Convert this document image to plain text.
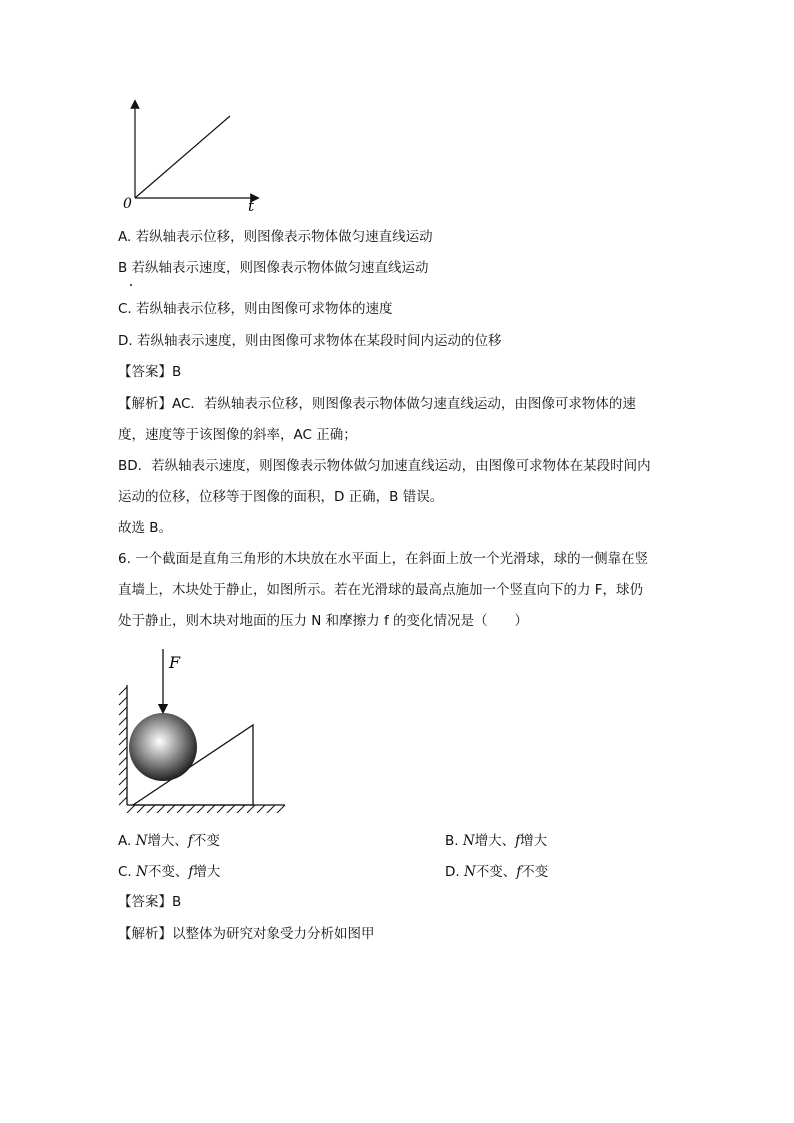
0	t
A. 若纵轴表示位移，则图像表示物体做匀速直线运动
B 若纵轴表示速度，则图像表示物体做匀速直线运动
C. 若纵轴表示位移，则由图像可求物体的速度
D. 若纵轴表示速度，则由图像可求物体在某段时间内运动的位移
【答案】B
【解析】AC．若纵轴表示位移，则图像表示物体做匀速直线运动，由图像可求物体的速
度，速度等于该图像的斜率，AC 正确；
BD．若纵轴表示速度，则图像表示物体做匀加速直线运动，由图像可求物体在某段时间内
运动的位移，位移等于图像的面积，D 正确，B 错误。
故选 B。
6. 一个截面是直角三角形的木块放在水平面上，在斜面上放一个光滑球，球的一侧靠在竖
直墙上，木块处于静止，如图所示。若在光滑球的最高点施加一个竖直向下的力 F，球仍
处于静止，则木块对地面的压力 N 和摩擦力 f 的变化情况是（　　）
F
A. N增大、f不变	B. N增大、f增大
C. N不变、f增大	D. N不变、f不变
【答案】B
【解析】以整体为研究对象受力分析如图甲
